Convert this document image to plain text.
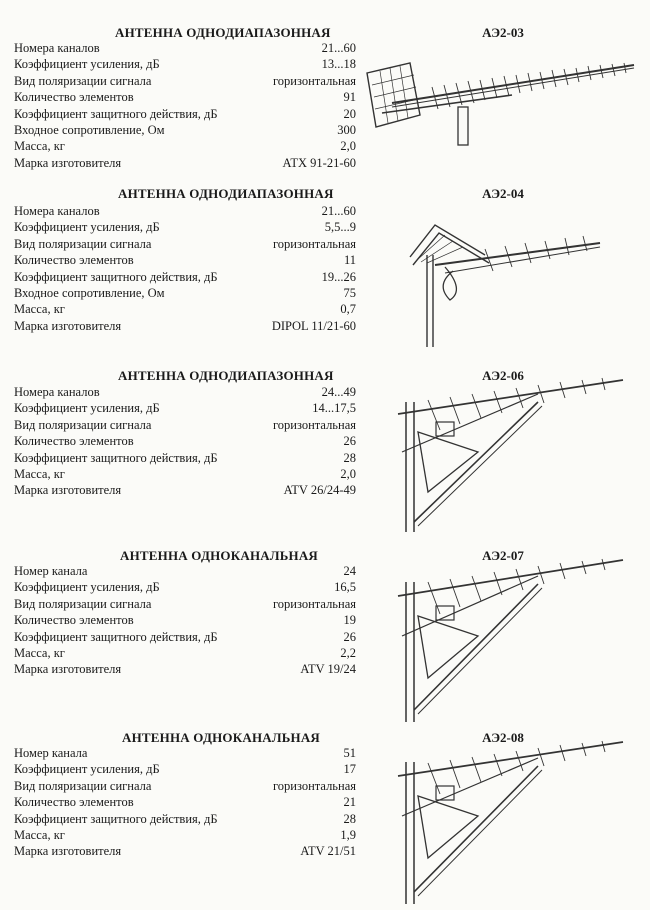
АНТЕННА ОДНОДИАПАЗОННАЯ	АЭ2-03
Номера каналов	21...60
Коэффициент усиления, дБ	13...18
Вид поляризации сигнала	горизонтальная
Количество элементов	91
Коэффициент защитного действия, дБ	20
Входное сопротивление, Ом	300
Масса, кг	2,0
Марка изготовителя	АТХ 91-21-60
АНТЕННА ОДНОДИАПАЗОННАЯ	АЭ2-04
Номера каналов	21...60
Коэффициент усиления, дБ	5,5...9
Вид поляризации сигнала	горизонтальная
Количество элементов	11
Коэффициент защитного действия, дБ	19...26
Входное сопротивление, Ом	75
Масса, кг	0,7
Марка изготовителя	DIPOL 11/21-60
АНТЕННА ОДНОДИАПАЗОННАЯ	АЭ2-06
Номера каналов	24...49
Коэффициент усиления, дБ	14...17,5
Вид поляризации сигнала	горизонтальная
Количество элементов	26
Коэффициент защитного действия, дБ	28
Масса, кг	2,0
Марка изготовителя	ATV 26/24-49
АНТЕННА ОДНОКАНАЛЬНАЯ	АЭ2-07
Номер канала	24
Коэффициент усиления, дБ	16,5
Вид поляризации сигнала	горизонтальная
Количество элементов	19
Коэффициент защитного действия, дБ	26
Масса, кг	2,2
Марка изготовителя	ATV 19/24
АНТЕННА ОДНОКАНАЛЬНАЯ	АЭ2-08
Номер канала	51
Коэффициент усиления, дБ	17
Вид поляризации сигнала	горизонтальная
Количество элементов	21
Коэффициент защитного действия, дБ	28
Масса, кг	1,9
Марка изготовителя	ATV 21/51
